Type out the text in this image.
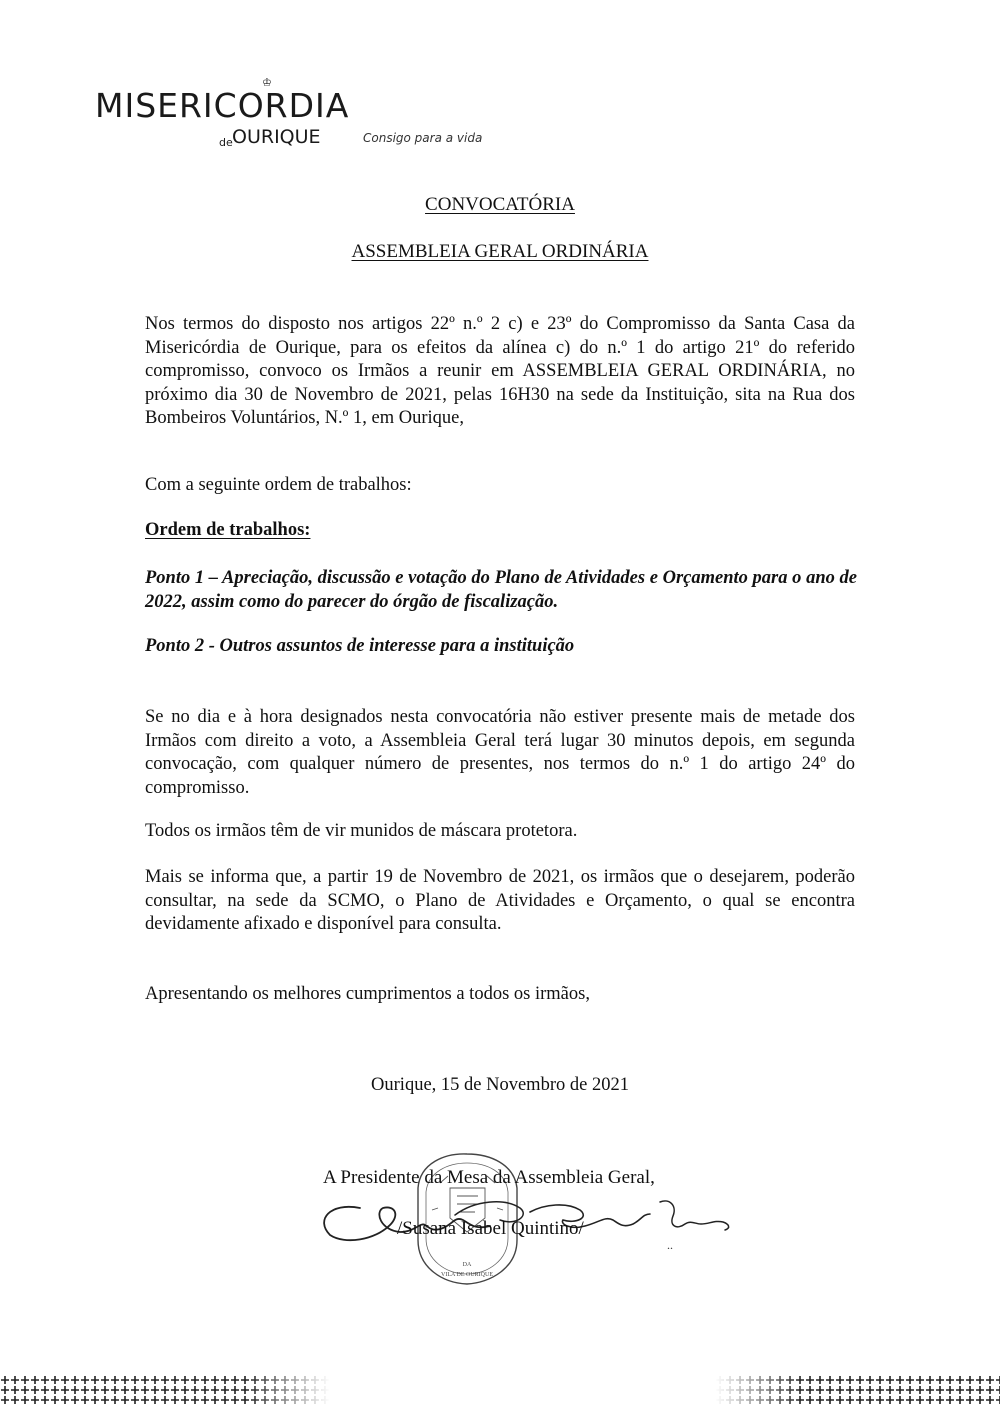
♔
MISERICORDIA
de OURIQUE	Consigo para a vida
CONVOCATÓRIA
ASSEMBLEIA GERAL ORDINÁRIA
Nos termos do disposto nos artigos 22º n.º 2 c) e 23º do Compromisso da Santa Casa da Misericórdia de Ourique, para os efeitos da alínea c) do n.º 1 do artigo 21º do referido compromisso, convoco os Irmãos a reunir em ASSEMBLEIA GERAL ORDINÁRIA, no próximo dia 30 de Novembro de 2021, pelas 16H30 na sede da Instituição, sita na Rua dos Bombeiros Voluntários, N.º 1, em Ourique,
Com a seguinte ordem de trabalhos:
Ordem de trabalhos:
Ponto 1 – Apreciação, discussão e votação do Plano de Atividades e Orçamento para o ano de 2022, assim como do parecer do órgão de fiscalização.
Ponto 2 - Outros assuntos de interesse para a instituição
Se no dia e à hora designados nesta convocatória não estiver presente mais de metade dos Irmãos com direito a voto, a Assembleia Geral terá lugar 30 minutos depois, em segunda convocação, com qualquer número de presentes, nos termos do n.º 1 do artigo 24º do compromisso.
Todos os irmãos têm de vir munidos de máscara protetora.
Mais se informa que, a partir 19 de Novembro de 2021, os irmãos que o desejarem, poderão consultar, na sede da SCMO, o Plano de Atividades e Orçamento, o qual se encontra devidamente afixado e disponível para consulta.
Apresentando os melhores cumprimentos a todos os irmãos,
Ourique, 15 de Novembro de 2021
DA
VILA DE OURIQUE
A Presidente da Mesa da Assembleia Geral,
/Susana Isabel Quintino/
..
